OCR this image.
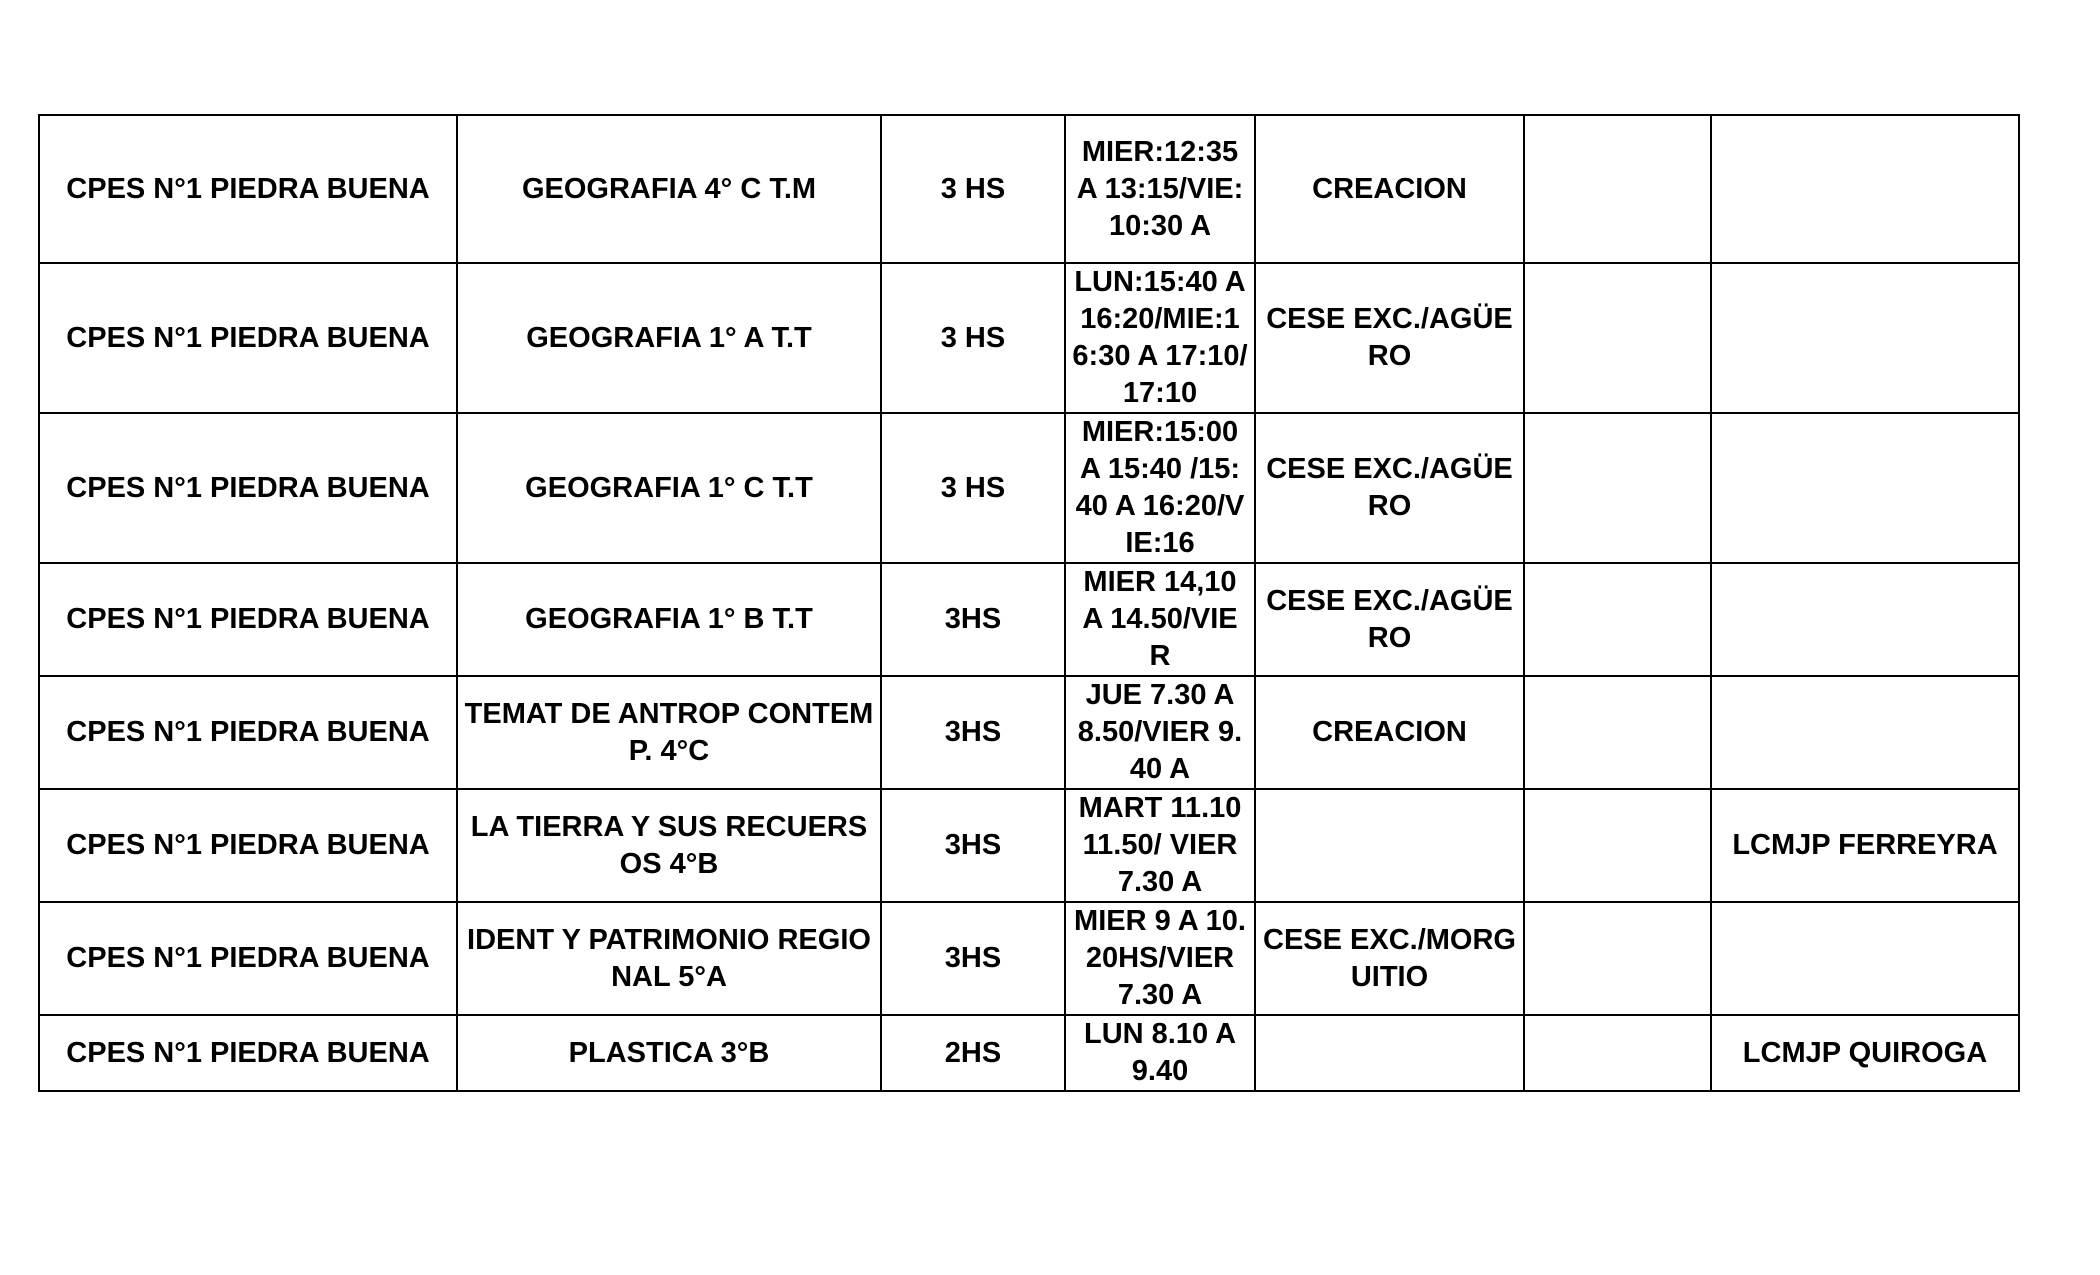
CPES N°1 PIEDRA BUENA	GEOGRAFIA 4° C T.M	3 HS	MIER:12:35 A 13:15/VIE:10:30 A	CREACION		

CPES N°1 PIEDRA BUENA	GEOGRAFIA 1° A T.T	3 HS	LUN:15:40 A 16:20/MIE:16:30 A 17:10/17:10	CESE EXC./AGÜERO		

CPES N°1 PIEDRA BUENA	GEOGRAFIA 1° C T.T	3 HS	MIER:15:00 A 15:40 /15:40 A 16:20/VIE:16	CESE EXC./AGÜERO		

CPES N°1 PIEDRA BUENA	GEOGRAFIA 1° B T.T	3HS	MIER 14,10 A 14.50/VIER	CESE EXC./AGÜERO		

CPES N°1 PIEDRA BUENA	TEMAT DE ANTROP CONTEMP. 4°C	3HS	JUE 7.30 A 8.50/VIER 9.40 A	CREACION		

CPES N°1 PIEDRA BUENA	LA TIERRA Y SUS RECUERSOS 4°B	3HS	MART 11.10 11.50/ VIER 7.30 A			LCMJP FERREYRA

CPES N°1 PIEDRA BUENA	IDENT Y PATRIMONIO REGIONAL 5°A	3HS	MIER 9 A 10.20HS/VIER 7.30 A	CESE EXC./MORGUITIO		

CPES N°1 PIEDRA BUENA	PLASTICA 3°B	2HS	LUN 8.10 A 9.40			LCMJP QUIROGA
